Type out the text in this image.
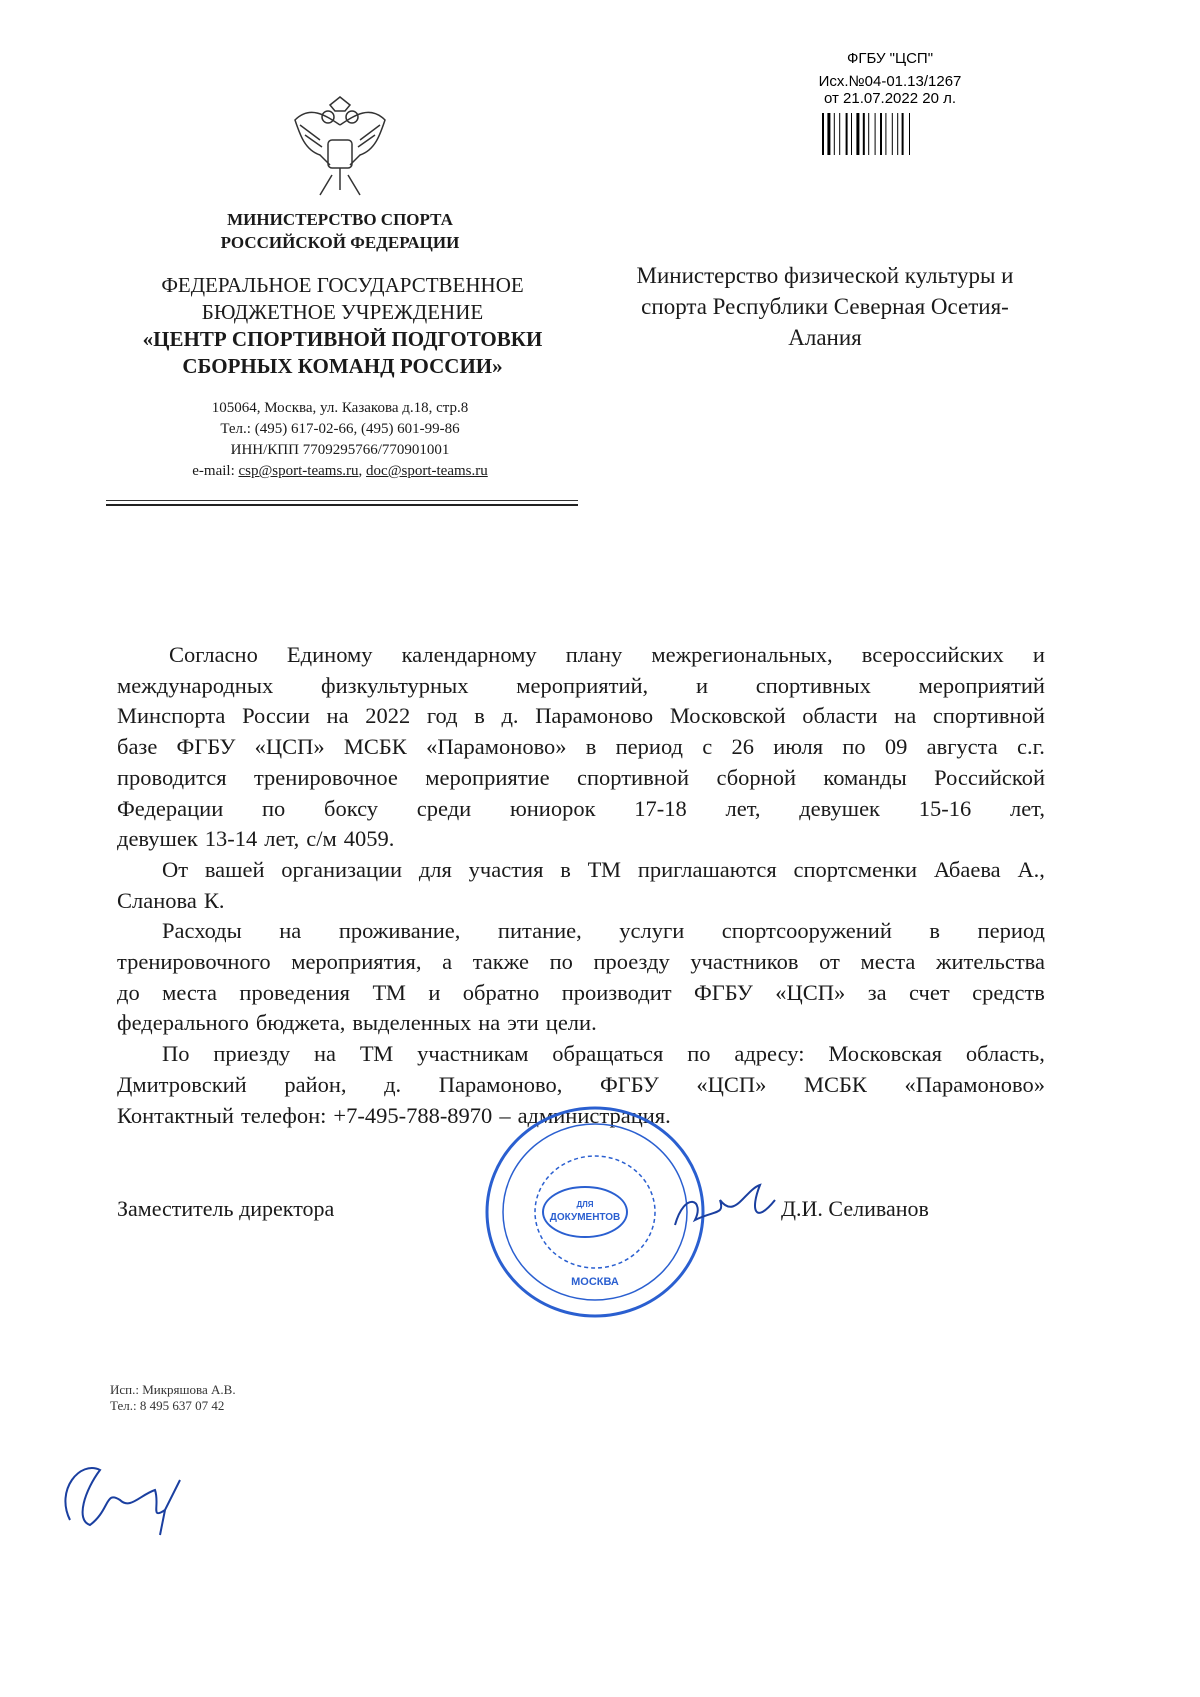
ФГБУ "ЦСП"
Исх.№04-01.13/1267
от 21.07.2022 20 л.
МИНИСТЕРСТВО СПОРТА
РОССИЙСКОЙ ФЕДЕРАЦИИ
ФЕДЕРАЛЬНОЕ ГОСУДАРСТВЕННОЕ
БЮДЖЕТНОЕ УЧРЕЖДЕНИЕ
«ЦЕНТР СПОРТИВНОЙ ПОДГОТОВКИ
СБОРНЫХ КОМАНД РОССИИ»
105064, Москва, ул. Казакова д.18, стр.8
Тел.: (495) 617-02-66, (495) 601-99-86
ИНН/КПП 7709295766/770901001
e-mail: csp@sport-teams.ru, doc@sport-teams.ru
Министерство физической культуры и
спорта Республики Северная Осетия-
Алания
Согласно Единому календарному плану межрегиональных, всероссийских и
международных физкультурных мероприятий, и спортивных мероприятий
Минспорта России на 2022 год в д. Парамоново Московской области на спортивной
базе ФГБУ «ЦСП» МСБК «Парамоново» в период с 26 июля по 09 августа с.г.
проводится тренировочное мероприятие спортивной сборной команды Российской
Федерации по боксу среди юниорок 17-18 лет, девушек 15-16 лет,
девушек 13-14 лет, с/м 4059.
От вашей организации для участия в ТМ приглашаются спортсменки Абаева А.,
Сланова К.
Расходы на проживание, питание, услуги спортсооружений в период
тренировочного мероприятия, а также по проезду участников от места жительства
до места проведения ТМ и обратно производит ФГБУ «ЦСП» за счет средств
федерального бюджета, выделенных на эти цели.
По приезду на ТМ участникам обращаться по адресу: Московская область,
Дмитровский район, д. Парамоново, ФГБУ «ЦСП» МСБК «Парамоново»
Контактный телефон: +7-495-788-8970 – администрация.
ДЛЯ
ДОКУМЕНТОВ
МОСКВА
Заместитель директора	Д.И. Селиванов
Исп.: Микряшова А.В.
Тел.: 8 495 637 07 42
